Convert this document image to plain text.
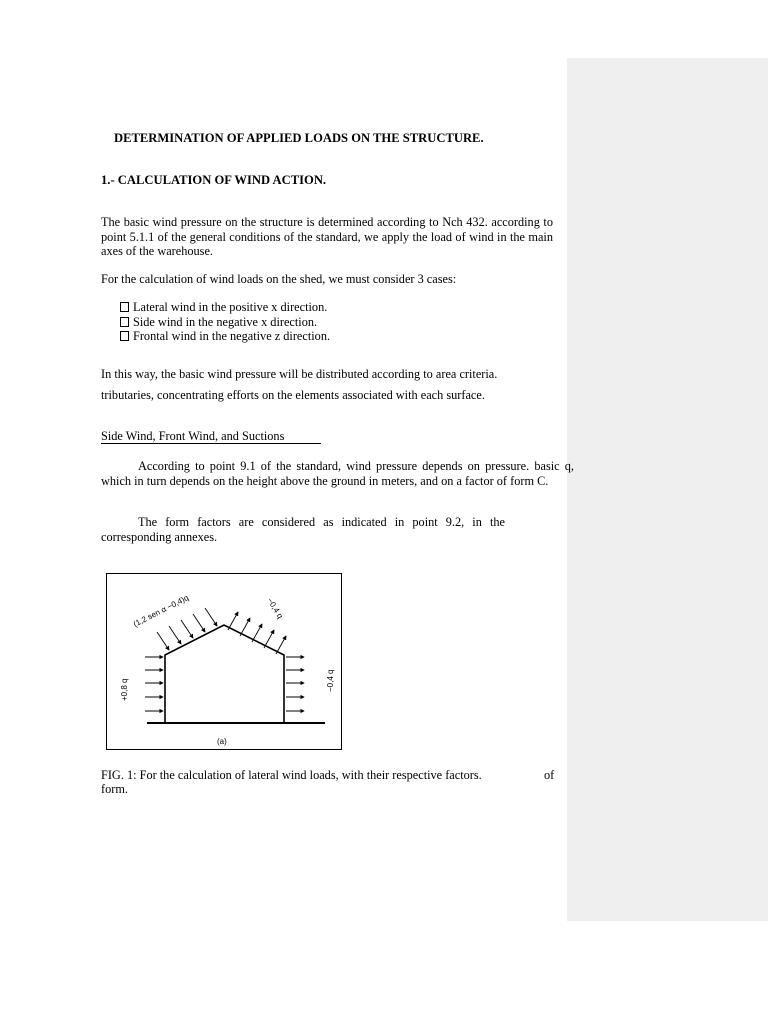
DETERMINATION OF APPLIED LOADS ON THE STRUCTURE.
1.- CALCULATION OF WIND ACTION.
The basic wind pressure on the structure is determined according to Nch 432. according to point 5.1.1 of the general conditions of the standard, we apply the load of wind in the main axes of the warehouse.
For the calculation of wind loads on the shed, we must consider 3 cases:
Lateral wind in the positive x direction.
Side wind in the negative x direction.
Frontal wind in the negative z direction.
In this way, the basic wind pressure will be distributed according to area criteria.
tributaries, concentrating efforts on the elements associated with each surface.
Side Wind, Front Wind, and Suctions
According to point 9.1 of the standard, wind pressure depends on pressure. basic q, which in turn depends on the height above the ground in meters, and on a factor of form C.
The form factors are considered as indicated in point 9.2, in the corresponding annexes.
(1,2 sen α −0,4)q	−0,4 q
+0,8 q	−0,4 q
(a)
FIG. 1: For the calculation of lateral wind loads, with their respective factors.	of
form.
